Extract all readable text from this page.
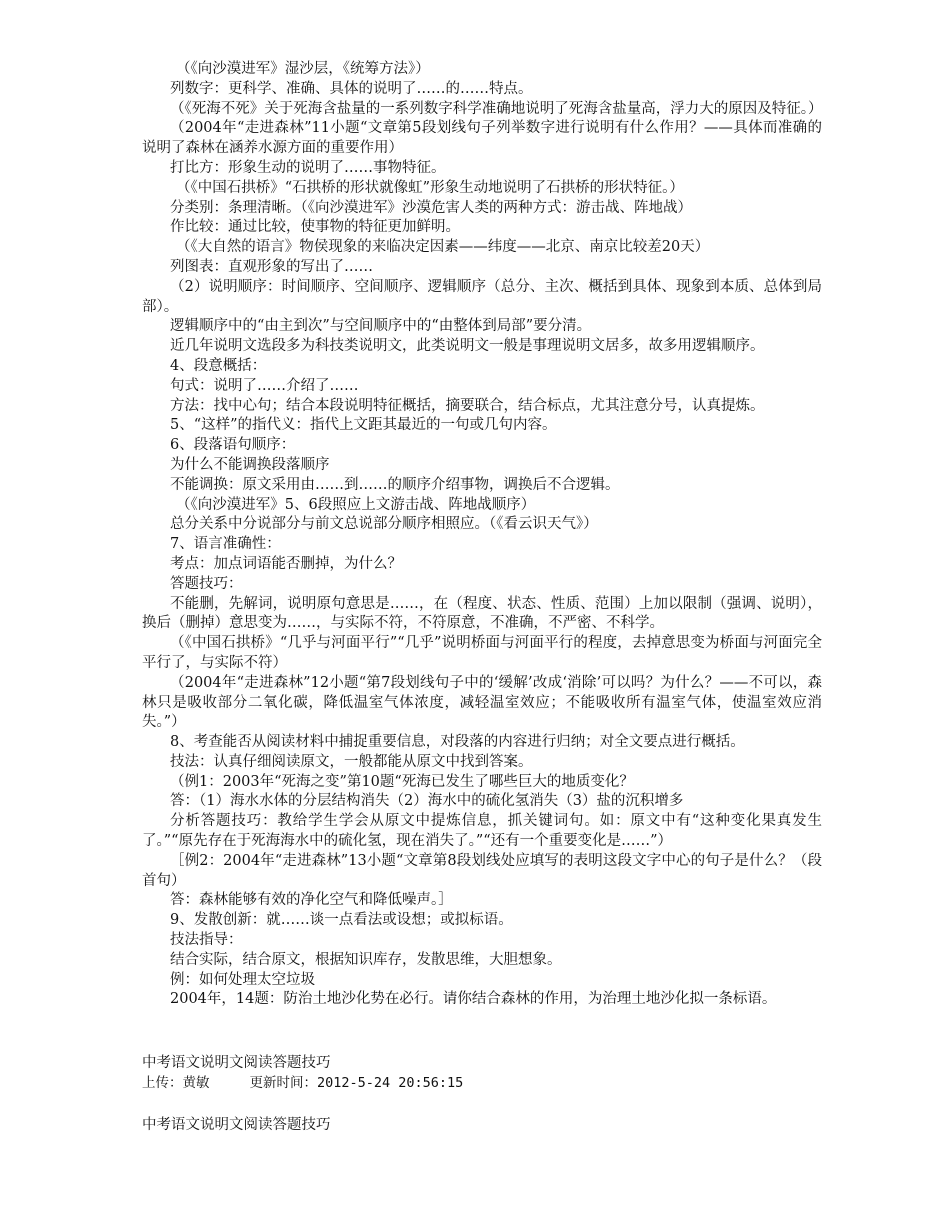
（《向沙漠进军》湿沙层，《统筹方法》）
列数字：更科学、准确、具体的说明了……的……特点。
（《死海不死》关于死海含盐量的一系列数字科学准确地说明了死海含盐量高，浮力大的原因及特征。）
（2004年“走进森林”11小题“文章第5段划线句子列举数字进行说明有什么作用？——具体而准确的说明了森林在涵养水源方面的重要作用）
打比方：形象生动的说明了……事物特征。
（《中国石拱桥》“石拱桥的形状就像虹”形象生动地说明了石拱桥的形状特征。）
分类别：条理清晰。（《向沙漠进军》沙漠危害人类的两种方式：游击战、阵地战）
作比较：通过比较，使事物的特征更加鲜明。
（《大自然的语言》物侯现象的来临决定因素——纬度——北京、南京比较差20天）
列图表：直观形象的写出了……
（2）说明顺序：时间顺序、空间顺序、逻辑顺序（总分、主次、概括到具体、现象到本质、总体到局部）。
逻辑顺序中的“由主到次”与空间顺序中的“由整体到局部”要分清。
近几年说明文选段多为科技类说明文，此类说明文一般是事理说明文居多，故多用逻辑顺序。
4、段意概括：
句式：说明了……介绍了……
方法：找中心句；结合本段说明特征概括，摘要联合，结合标点，尤其注意分号，认真提炼。
5、“这样”的指代义：指代上文距其最近的一句或几句内容。
6、段落语句顺序：
为什么不能调换段落顺序
不能调换：原文采用由……到……的顺序介绍事物，调换后不合逻辑。
（《向沙漠进军》5、6段照应上文游击战、阵地战顺序）
总分关系中分说部分与前文总说部分顺序相照应。（《看云识天气》）
7、语言准确性：
考点：加点词语能否删掉，为什么？
答题技巧：
不能删，先解词，说明原句意思是……，在（程度、状态、性质、范围）上加以限制（强调、说明），换后（删掉）意思变为……，与实际不符，不符原意，不准确，不严密、不科学。
（《中国石拱桥》“几乎与河面平行”“几乎”说明桥面与河面平行的程度，去掉意思变为桥面与河面完全平行了，与实际不符）
（2004年“走进森林”12小题“第7段划线句子中的‘缓解’改成‘消除’可以吗？为什么？——不可以，森林只是吸收部分二氧化碳，降低温室气体浓度，减轻温室效应；不能吸收所有温室气体，使温室效应消失。”）
8、考查能否从阅读材料中捕捉重要信息，对段落的内容进行归纳；对全文要点进行概括。
技法：认真仔细阅读原文，一般都能从原文中找到答案。
（例1：2003年“死海之变”第10题“死海已发生了哪些巨大的地质变化？
答：（1）海水水体的分层结构消失（2）海水中的硫化氢消失（3）盐的沉积增多
分析答题技巧：教给学生学会从原文中提炼信息，抓关键词句。如：原文中有“这种变化果真发生了。”“原先存在于死海海水中的硫化氢，现在消失了。”“还有一个重要变化是……”）
［例2：2004年“走进森林”13小题“文章第8段划线处应填写的表明这段文字中心的句子是什么？（段首句）
答：森林能够有效的净化空气和降低噪声。］
9、发散创新：就……谈一点看法或设想；或拟标语。
技法指导：
结合实际，结合原文，根据知识库存，发散思维，大胆想象。
例：如何处理太空垃圾
2004年，14题：防治土地沙化势在必行。请你结合森林的作用，为治理土地沙化拟一条标语。
中考语文说明文阅读答题技巧
上传：黄敏	更新时间：2012-5-24 20:56:15
中考语文说明文阅读答题技巧
